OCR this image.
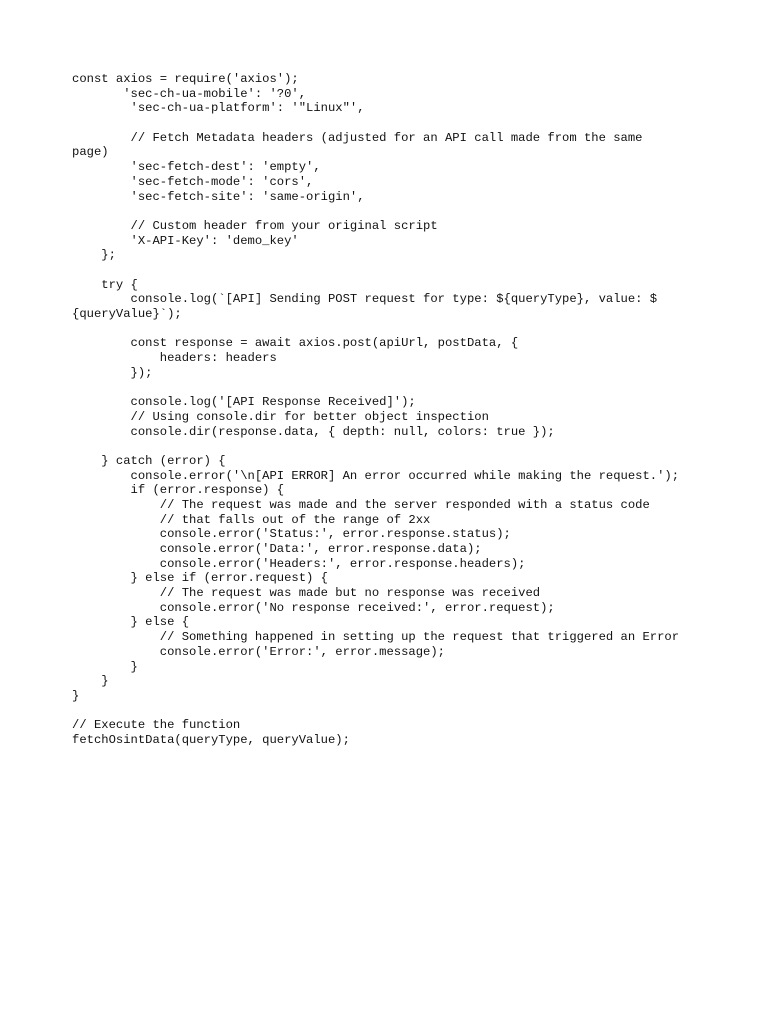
const axios = require('axios');
'sec-ch-ua-mobile': '?0',
'sec-ch-ua-platform': '"Linux"',
// Fetch Metadata headers (adjusted for an API call made from the same
page)
'sec-fetch-dest': 'empty',
'sec-fetch-mode': 'cors',
'sec-fetch-site': 'same-origin',
// Custom header from your original script
'X-API-Key': 'demo_key'
};
try {
console.log(`[API] Sending POST request for type: ${queryType}, value: $
{queryValue}`);
const response = await axios.post(apiUrl, postData, {
headers: headers
});
console.log('[API Response Received]');
// Using console.dir for better object inspection
console.dir(response.data, { depth: null, colors: true });
} catch (error) {
console.error('\n[API ERROR] An error occurred while making the request.');
if (error.response) {
// The request was made and the server responded with a status code
// that falls out of the range of 2xx
console.error('Status:', error.response.status);
console.error('Data:', error.response.data);
console.error('Headers:', error.response.headers);
} else if (error.request) {
// The request was made but no response was received
console.error('No response received:', error.request);
} else {
// Something happened in setting up the request that triggered an Error
console.error('Error:', error.message);
}
}
}
// Execute the function
fetchOsintData(queryType, queryValue);
